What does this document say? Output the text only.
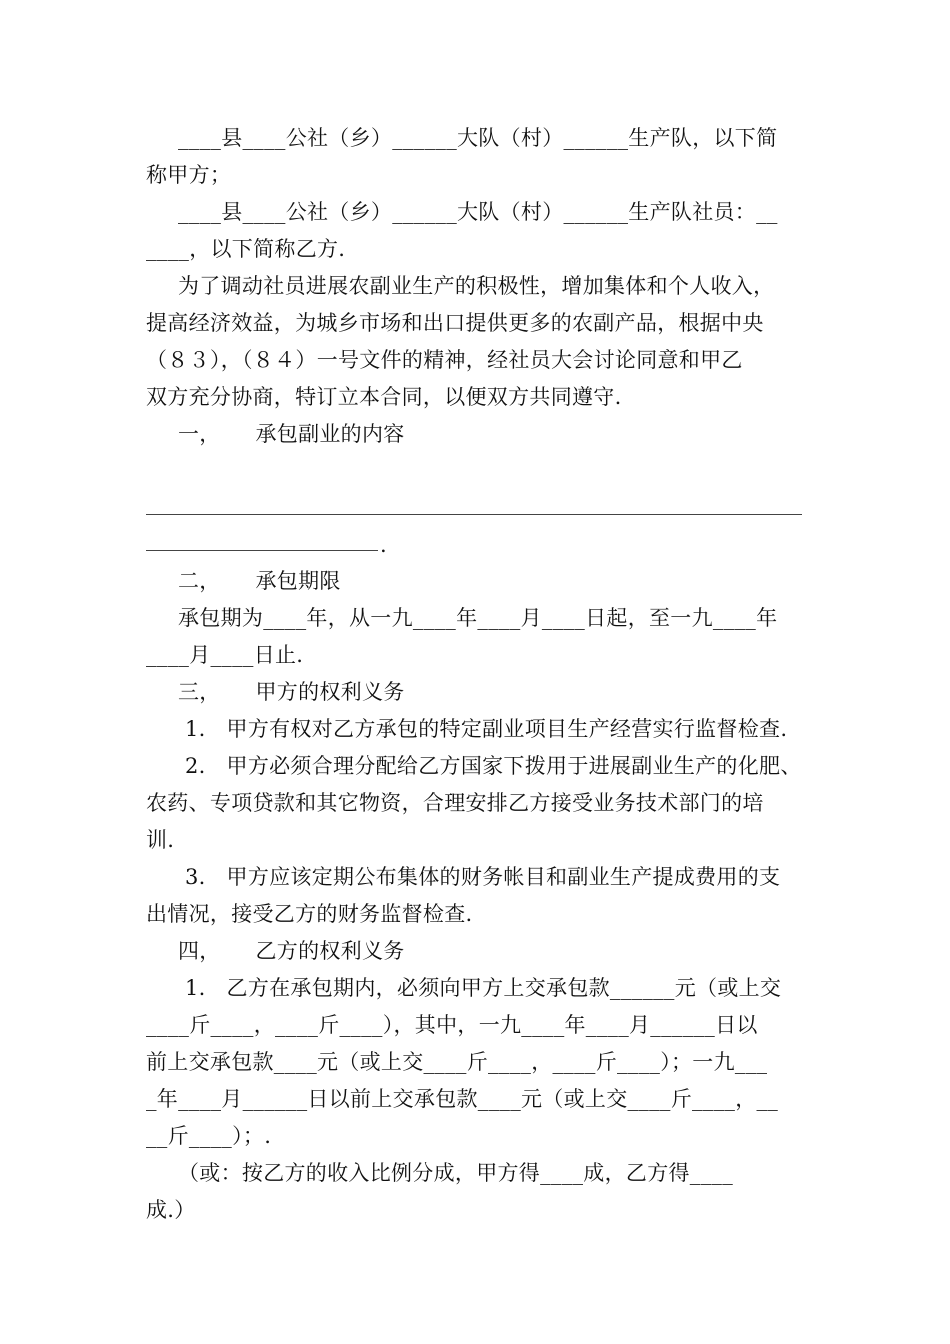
____县____公社（乡）______大队（村）______生产队，以下简
称甲方；
____县____公社（乡）______大队（村）______生产队社员：__
____，以下简称乙方.
为了调动社员进展农副业生产的积极性，增加集体和个人收入，
提高经济效益，为城乡市场和出口提供更多的农副产品，根据中央
（８３），（８４）一号文件的精神，经社员大会讨论同意和甲乙
双方充分协商，特订立本合同，以便双方共同遵守.
一，     承包副业的内容
.
二，     承包期限
承包期为____年，从一九____年____月____日起，至一九____年
____月____日止.
三，     甲方的权利义务
1.   甲方有权对乙方承包的特定副业项目生产经营实行监督检查.
2.   甲方必须合理分配给乙方国家下拨用于进展副业生产的化肥、
农药、专项贷款和其它物资，合理安排乙方接受业务技术部门的培
训.
3.   甲方应该定期公布集体的财务帐目和副业生产提成费用的支
出情况，接受乙方的财务监督检查.
四，     乙方的权利义务
1.   乙方在承包期内，必须向甲方上交承包款______元（或上交
____斤____，____斤____），其中，一九____年____月______日以
前上交承包款____元（或上交____斤____，____斤____）；一九___
_年____月______日以前上交承包款____元（或上交____斤____，__
__斤____）；.
（或：按乙方的收入比例分成，甲方得____成，乙方得____
成.）
